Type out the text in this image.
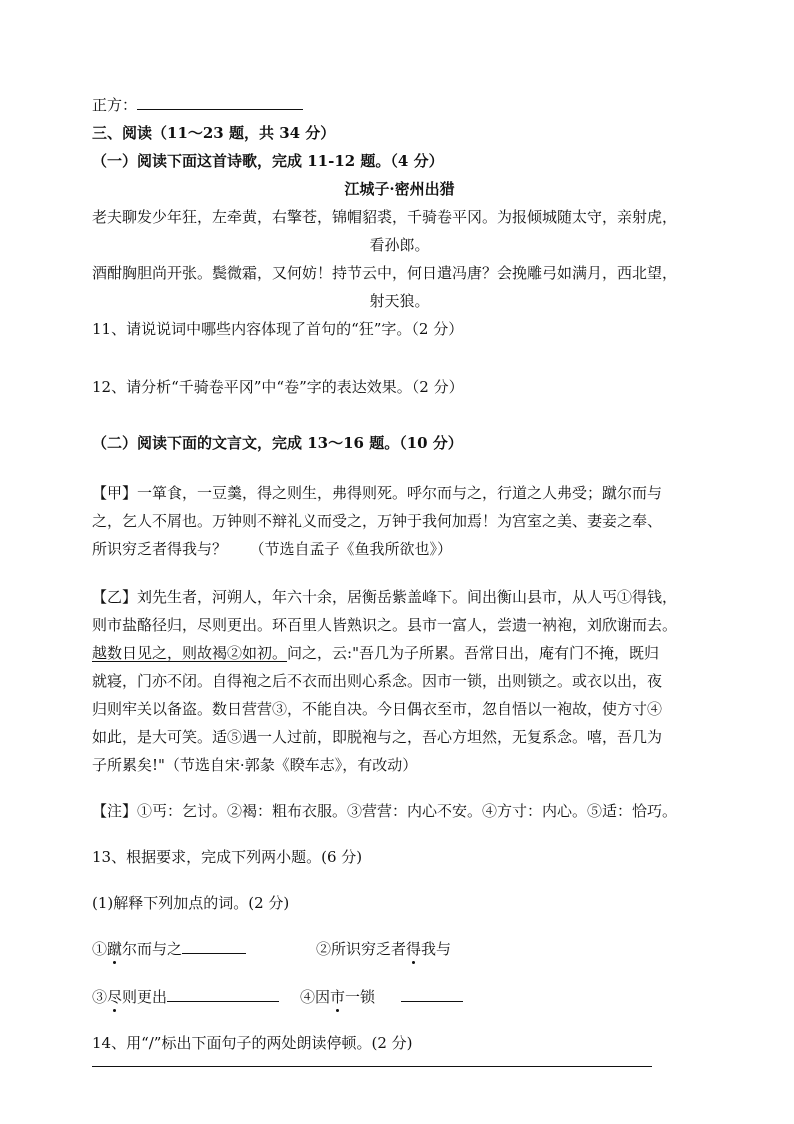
正方：
三、阅读（11～23 题，共 34 分）
（一）阅读下面这首诗歌，完成 11-12 题。（4 分）
江城子·密州出猎
老夫聊发少年狂，左牵黄，右擎苍，锦帽貂裘，千骑卷平冈。为报倾城随太守，亲射虎，
看孙郎。
酒酣胸胆尚开张。鬓微霜，又何妨！持节云中，何日遣冯唐？会挽雕弓如满月，西北望，
射天狼。
11、请说说词中哪些内容体现了首句的“狂”字。（2 分）
12、请分析“千骑卷平冈”中“卷”字的表达效果。（2 分）
（二）阅读下面的文言文，完成 13～16 题。（10 分）
【甲】一箪食，一豆羹，得之则生，弗得则死。呼尔而与之，行道之人弗受；蹴尔而与
之，乞人不屑也。万钟则不辩礼义而受之，万钟于我何加焉！为宫室之美、妻妾之奉、
所识穷乏者得我与？　　（节选自孟子《鱼我所欲也》）
【乙】刘先生者，河朔人，年六十余，居衡岳紫盖峰下。间出衡山县市，从人丐①得钱，
则市盐酪径归，尽则更出。环百里人皆熟识之。县市一富人，尝遗一衲袍，刘欣谢而去。
越数日见之，则故褐②如初。问之，云:"吾几为子所累。吾常日出，庵有门不掩，既归
就寝，门亦不闭。自得袍之后不衣而出则心系念。因市一锁，出则锁之。或衣以出，夜
归则牢关以备盗。数日营营③，不能自决。今日偶衣至市，忽自悟以一袍故，使方寸④
如此，是大可笑。适⑤遇一人过前，即脱袍与之，吾心方坦然，无复系念。嘻，吾几为
子所累矣!"（节选自宋·郭彖《睽车志》，有改动）
【注】①丐：乞讨。②褐：粗布衣服。③营营：内心不安。④方寸：内心。⑤适：恰巧。
13、根据要求，完成下列两小题。(6 分)
(1)解释下列加点的词。(2 分)
①蹴尔而与之	②所识穷乏者得我与
③尽则更出	④因市一锁
14、用“/”标出下面句子的两处朗读停顿。(2 分)
